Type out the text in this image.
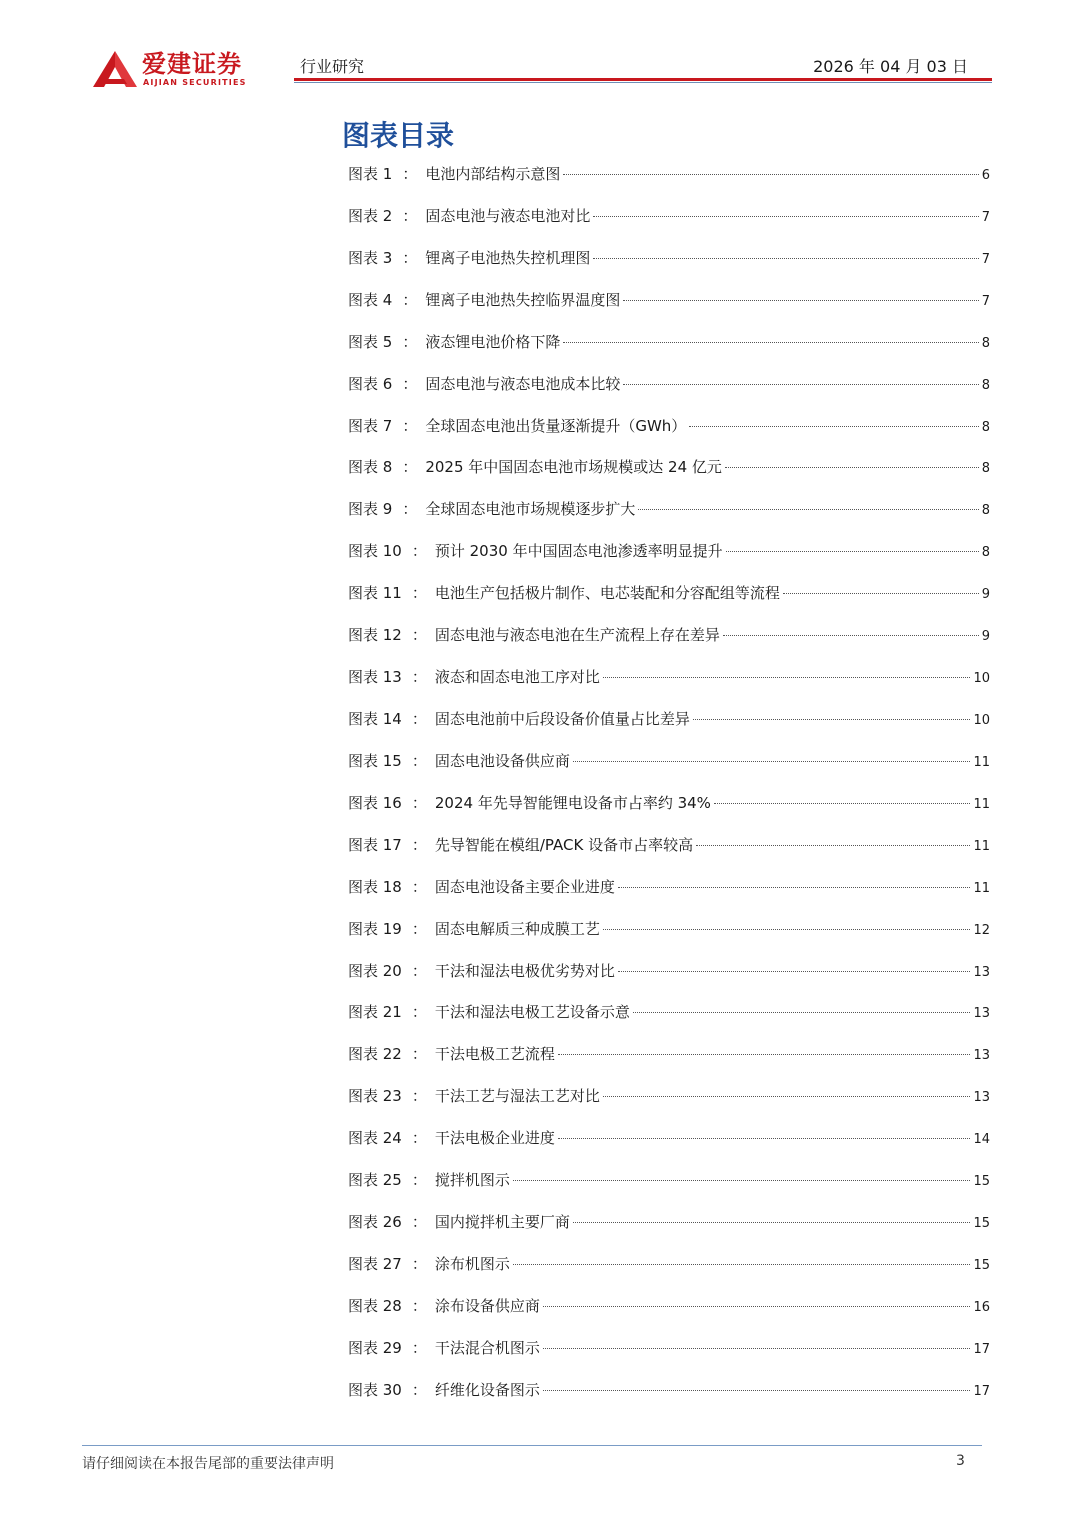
爱建证券
AIJIAN SECURITIES
行业研究	2026 年 04 月 03 日
图表目录
图表 1 ： 电池内部结构示意图	6
图表 2 ： 固态电池与液态电池对比	7
图表 3 ： 锂离子电池热失控机理图	7
图表 4 ： 锂离子电池热失控临界温度图	7
图表 5 ： 液态锂电池价格下降	8
图表 6 ： 固态电池与液态电池成本比较	8
图表 7 ： 全球固态电池出货量逐渐提升（GWh）	8
图表 8 ： 2025 年中国固态电池市场规模或达 24 亿元	8
图表 9 ： 全球固态电池市场规模逐步扩大	8
图表 10 ： 预计 2030 年中国固态电池渗透率明显提升	8
图表 11 ： 电池生产包括极片制作、电芯装配和分容配组等流程	9
图表 12 ： 固态电池与液态电池在生产流程上存在差异	9
图表 13 ： 液态和固态电池工序对比	10
图表 14 ： 固态电池前中后段设备价值量占比差异	10
图表 15 ： 固态电池设备供应商	11
图表 16 ： 2024 年先导智能锂电设备市占率约 34%	11
图表 17 ： 先导智能在模组/PACK 设备市占率较高	11
图表 18 ： 固态电池设备主要企业进度	11
图表 19 ： 固态电解质三种成膜工艺	12
图表 20 ： 干法和湿法电极优劣势对比	13
图表 21 ： 干法和湿法电极工艺设备示意	13
图表 22 ： 干法电极工艺流程	13
图表 23 ： 干法工艺与湿法工艺对比	13
图表 24 ： 干法电极企业进度	14
图表 25 ： 搅拌机图示	15
图表 26 ： 国内搅拌机主要厂商	15
图表 27 ： 涂布机图示	15
图表 28 ： 涂布设备供应商	16
图表 29 ： 干法混合机图示	17
图表 30 ： 纤维化设备图示	17
请仔细阅读在本报告尾部的重要法律声明	3
